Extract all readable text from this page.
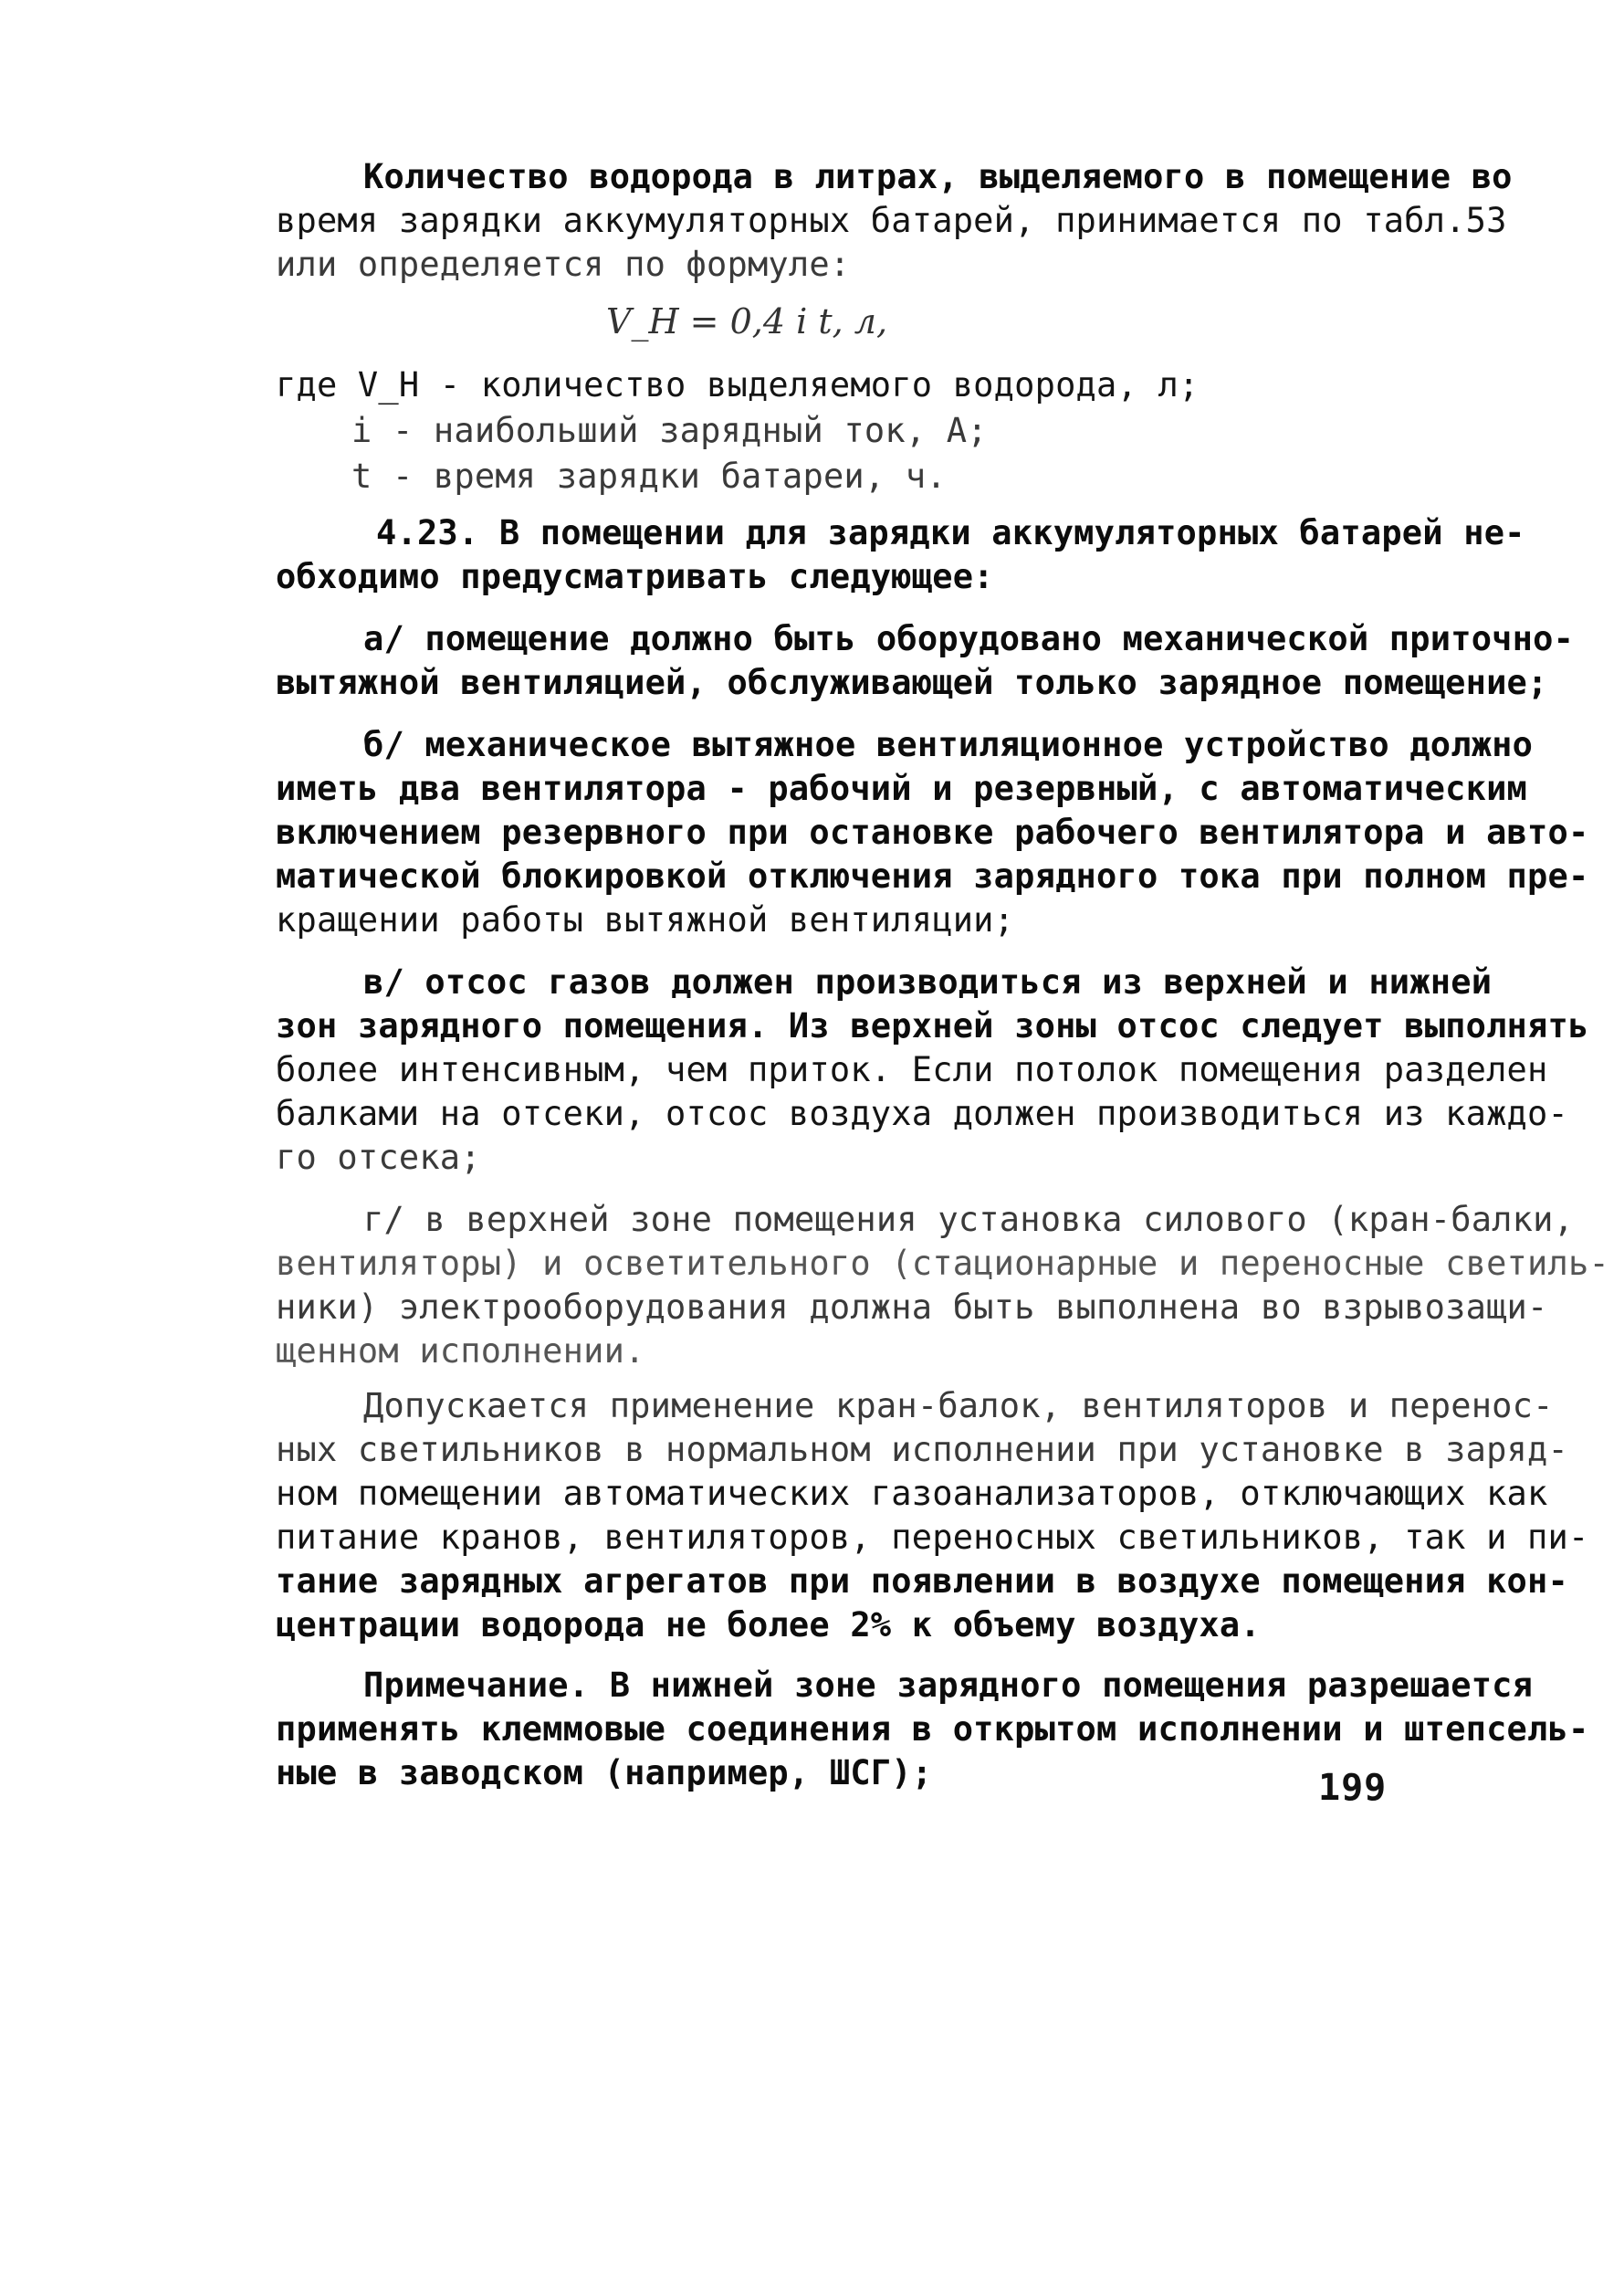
Количество водорода в литрах, выделяемого в помещение во
время зарядки аккумуляторных батарей, принимается по табл.53
или определяется по формуле:
V_H = 0,4 i t, л,
где V_H - количество выделяемого водорода, л;
i - наибольший зарядный ток, А;
t - время зарядки батареи, ч.
4.23. В помещении для зарядки аккумуляторных батарей не-
обходимо предусматривать следующее:
а/ помещение должно быть оборудовано механической приточно-
вытяжной вентиляцией, обслуживающей только зарядное помещение;
б/ механическое вытяжное вентиляционное устройство должно
иметь два вентилятора - рабочий и резервный, с автоматическим
включением резервного при остановке рабочего вентилятора и авто-
матической блокировкой отключения зарядного тока при полном пре-
кращении работы вытяжной вентиляции;
в/ отсос газов должен производиться из верхней и нижней
зон зарядного помещения. Из верхней зоны отсос следует выполнять
более интенсивным, чем приток. Если потолок помещения разделен
балками на отсеки, отсос воздуха должен производиться из каждо-
го отсека;
г/ в верхней зоне помещения установка силового (кран-балки,
вентиляторы) и осветительного (стационарные и переносные светиль-
ники) электрооборудования должна быть выполнена во взрывозащи-
щенном исполнении.
Допускается применение кран-балок, вентиляторов и перенос-
ных светильников в нормальном исполнении при установке в заряд-
ном помещении автоматических газоанализаторов, отключающих как
питание кранов, вентиляторов, переносных светильников, так и пи-
тание зарядных агрегатов при появлении в воздухе помещения кон-
центрации водорода не более 2% к объему воздуха.
Примечание. В нижней зоне зарядного помещения разрешается
применять клеммовые соединения в открытом исполнении и штепсель-
ные в заводском (например, ШСГ);	199
